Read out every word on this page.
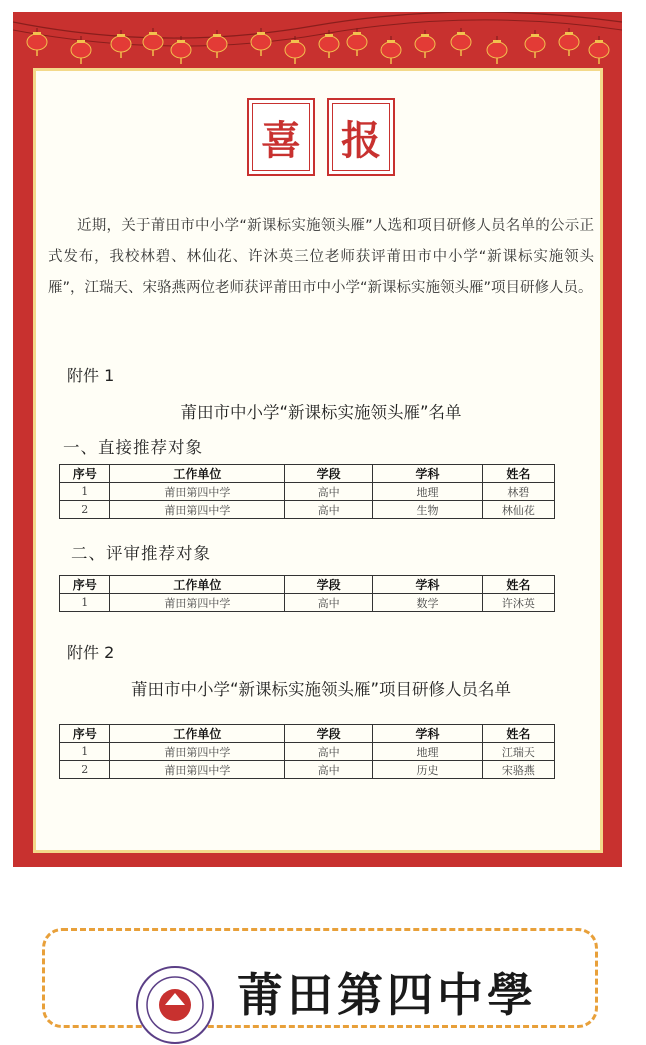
喜 报

近期，关于莆田市中小学“新课标实施领头雁”人选和项目研修人员名单的公示正式发布，我校林碧、林仙花、许沐英三位老师获评莆田市中小学“新课标实施领头雁”，江瑞天、宋骆燕两位老师获评莆田市中小学“新课标实施领头雁”项目研修人员。

附件 1
莆田市中小学“新课标实施领头雁”名单
一、直接推荐对象
序号	工作单位	学段	学科	姓名
1	莆田第四中学	高中	地理	林碧
2	莆田第四中学	高中	生物	林仙花
二、评审推荐对象
序号	工作单位	学段	学科	姓名
1	莆田第四中学	高中	数学	许沐英
附件 2
莆田市中小学“新课标实施领头雁”项目研修人员名单
序号	工作单位	学段	学科	姓名
1	莆田第四中学	高中	地理	江瑞天
2	莆田第四中学	高中	历史	宋骆燕
莆田第四中學
